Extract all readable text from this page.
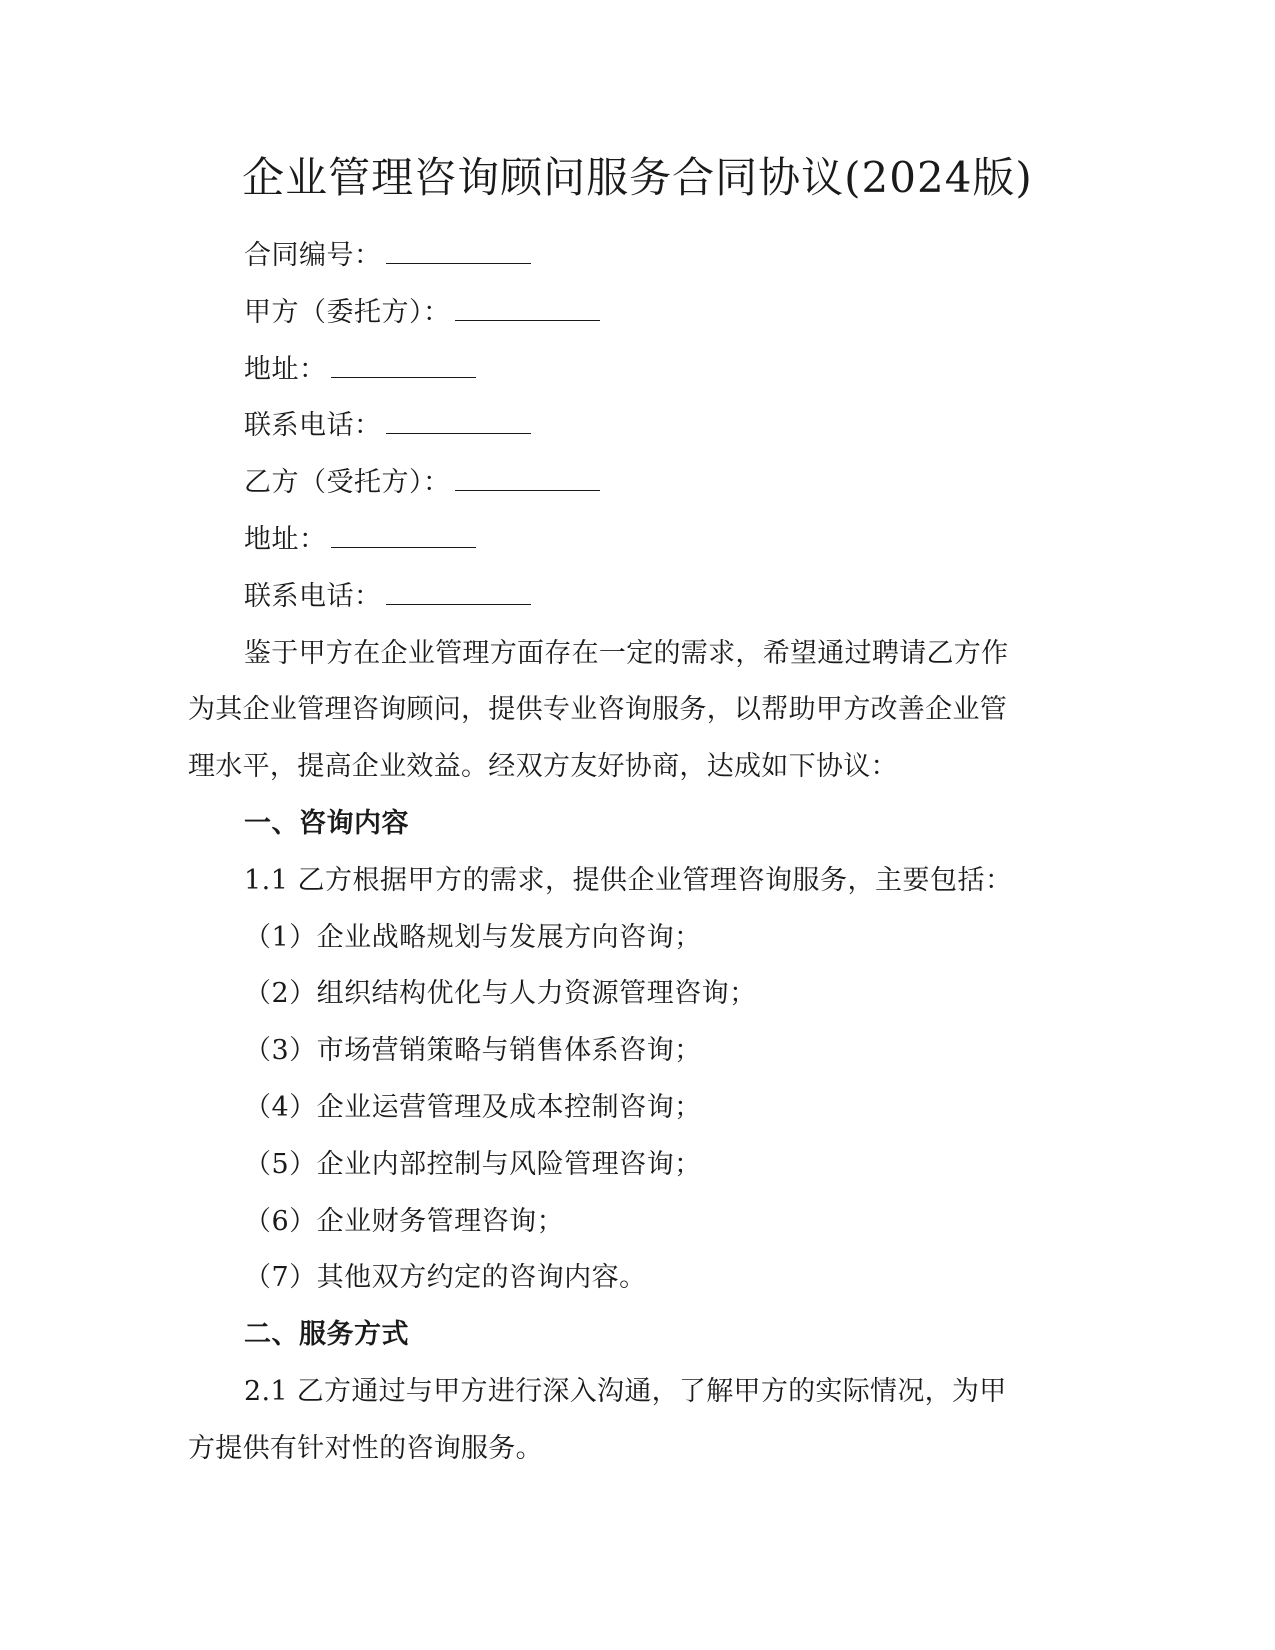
企业管理咨询顾问服务合同协议(2024版)
合同编号：
甲方（委托方）：
地址：
联系电话：
乙方（受托方）：
地址：
联系电话：
鉴于甲方在企业管理方面存在一定的需求，希望通过聘请乙方作
为其企业管理咨询顾问，提供专业咨询服务，以帮助甲方改善企业管
理水平，提高企业效益。经双方友好协商，达成如下协议：
一、咨询内容
1.1 乙方根据甲方的需求，提供企业管理咨询服务，主要包括：
（1）企业战略规划与发展方向咨询；
（2）组织结构优化与人力资源管理咨询；
（3）市场营销策略与销售体系咨询；
（4）企业运营管理及成本控制咨询；
（5）企业内部控制与风险管理咨询；
（6）企业财务管理咨询；
（7）其他双方约定的咨询内容。
二、服务方式
2.1 乙方通过与甲方进行深入沟通，了解甲方的实际情况，为甲
方提供有针对性的咨询服务。
